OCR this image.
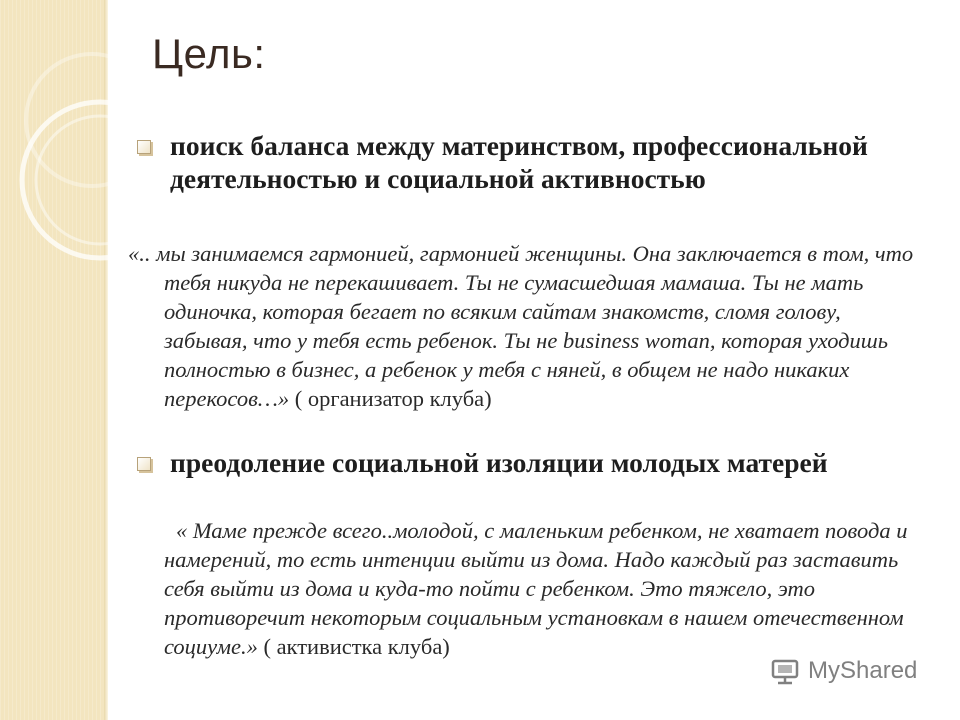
Цель:
поиск баланса между материнством, профессиональной деятельностью и социальной активностью
«.. мы занимаемся гармонией, гармонией женщины. Она заключается в том, что тебя никуда не перекашивает. Ты не сумасшедшая мамаша. Ты не мать одиночка, которая бегает по всяким сайтам знакомств, сломя голову, забывая, что у тебя есть ребенок. Ты не business woman, которая уходишь полностью в бизнес, а ребенок у тебя с няней, в общем не надо никаких перекосов…» ( организатор клуба)
преодоление социальной изоляции молодых матерей
« Маме прежде всего..молодой, с маленьким ребенком, не хватает повода и намерений, то есть интенции выйти из дома. Надо каждый раз заставить себя выйти из дома и куда-то пойти с ребенком. Это тяжело, это противоречит некоторым социальным установкам в нашем отечественном социуме.» ( активистка клуба)
MyShared
